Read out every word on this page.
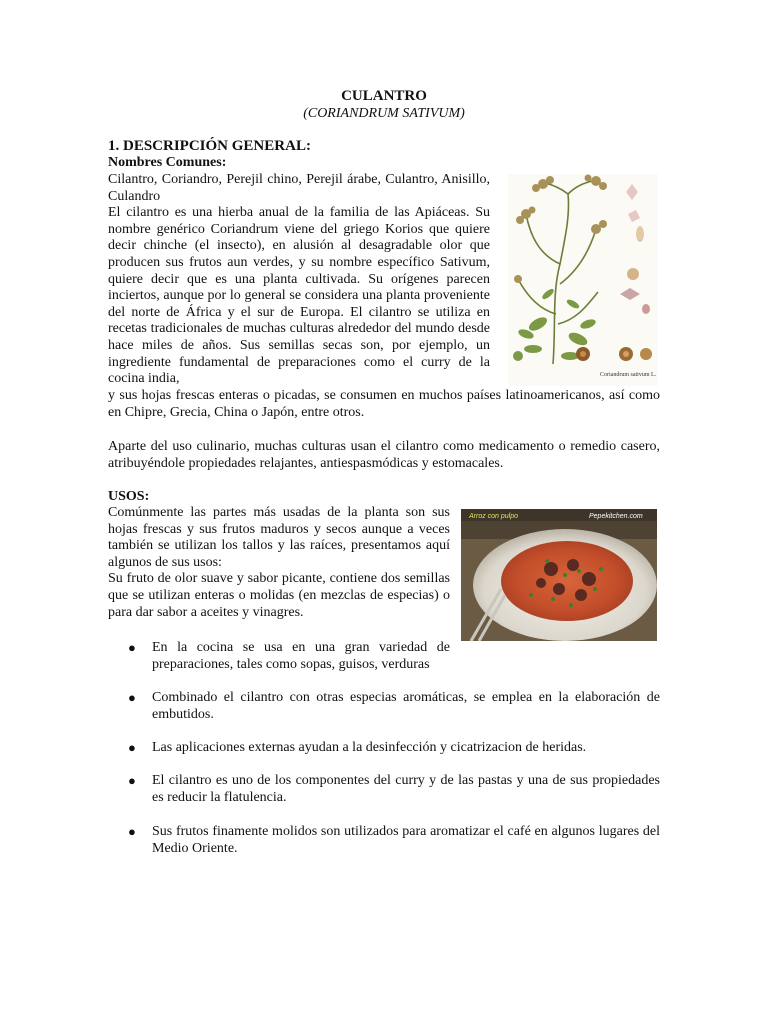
CULANTRO
(CORIANDRUM SATIVUM)
1. DESCRIPCIÓN GENERAL:
Nombres Comunes:

Cilantro, Coriandro, Perejil chino, Perejil árabe, Culantro, Anisillo, Culandro

El cilantro es una hierba anual de la familia de las Apiáceas. Su nombre genérico Coriandrum viene del griego Korios que quiere decir chinche (el insecto), en alusión al desagradable olor que producen sus frutos aun verdes, y su nombre específico Sativum, quiere decir que es una planta cultivada. Su orígenes parecen inciertos, aunque por lo general se considera una planta proveniente del norte de África y el sur de Europa. El cilantro se utiliza en recetas tradicionales de muchas culturas alrededor del mundo desde hace miles de años. Sus semillas secas son, por ejemplo, un ingrediente fundamental de preparaciones como el curry de la cocina india,	Coriandrum sativum L.
y sus hojas frescas enteras o picadas, se consumen en muchos países latinoamericanos, así como en Chipre, Grecia, China o Japón, entre otros.
Aparte del uso culinario, muchas culturas usan el cilantro como medicamento o remedio casero, atribuyéndole propiedades relajantes, antiespasmódicas y estomacales.
USOS:

Comúnmente las partes más usadas de la planta son sus hojas frescas y sus frutos maduros y secos aunque a veces también se utilizan los tallos y las raíces, presentamos aquí algunos de sus usos:

Su fruto de olor suave y sabor picante, contiene dos semillas que se utilizan enteras o molidas (en mezclas de especias) o para dar sabor a aceites y vinagres.

Arroz con pulpo	Pepekitchen.com
● En la cocina se usa en una gran variedad de preparaciones, tales como sopas, guisos, verduras
● Combinado el cilantro con otras especias aromáticas, se emplea en la elaboración de embutidos.
● Las aplicaciones externas ayudan a la desinfección y cicatrizacion de heridas.
● El cilantro es uno de los componentes del curry y de las pastas y una de sus propiedades es reducir la flatulencia.
● Sus frutos finamente molidos son utilizados para aromatizar el café en algunos lugares del Medio Oriente.
